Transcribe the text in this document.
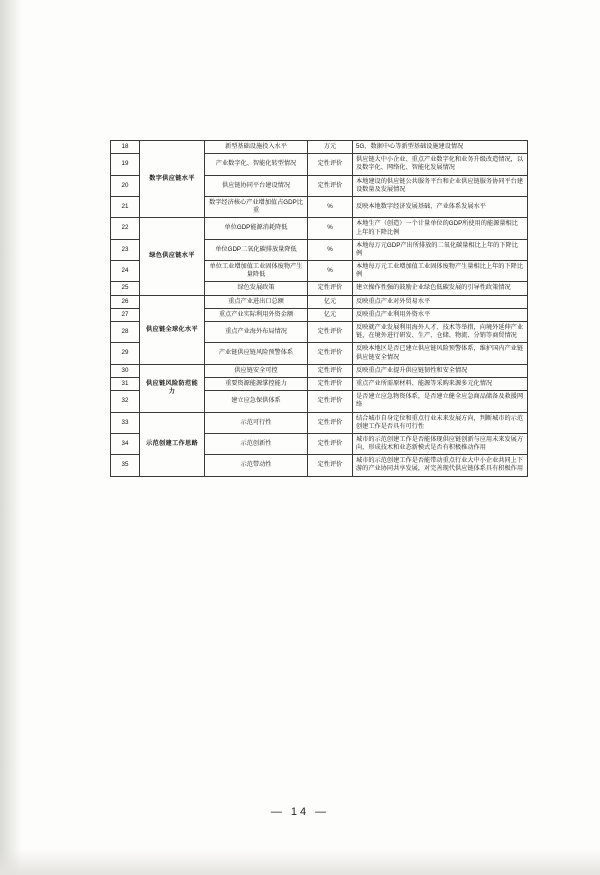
18	数字供应链水平	新型基础设施投入水平	万元	5G、数据中心等新型基础设施建设情况
19		产业数字化、智能化转型情况	定性评价	供应链大中小企业、重点产业数字化和业务升级改造情况，以及数字化、网络化、智能化发展情况
20		供应链协同平台建设情况	定性评价	本地建设的供应链公共服务平台和企业供应链服务协同平台建设数量及发展情况
21		数字经济核心产业增加值占GDP比重	%	反映本地数字经济发展基础、产业体系发展水平
22	绿色供应链水平	单位GDP能源消耗降低	%	本地生产（创造）一个计量单位的GDP所使用的能源量相比上年的下降比例
23		单位GDP二氧化碳排放量降低	%	本地每万元GDP产出所排放的二氧化碳量相比上年的下降比例
24		单位工业增加值工业固体废物产生量降低	%	本地每万元工业增加值工业固体废物产生量相比上年的下降比例
25		绿色发展政策	定性评价	建立操作性强的鼓励企业绿色低碳发展的引导性政策情况
26	供应链全球化水平	重点产业进出口总额	亿元	反映重点产业对外贸易水平
27		重点产业实际利用外资金额	亿元	反映重点产业利用外资水平
28		重点产业海外布局情况	定性评价	反映就产业发展利用海外人才、技术等举措，向境外延伸产业链，在境外进行研发、生产、仓储、物流、分销等商贸情况
29		产业链供应链风险预警体系	定性评价	反映本地区是否已建立供应链风险预警体系，维护国内产业链供应链安全情况
30	供应链风险防范能力	供应链安全可控	定性评价	反映重点产业提升供应链韧性和安全情况
31		重要资源能源掌控能力	定性评价	重点产业所需原材料、能源等采购来源多元化情况
32		建立应急保供体系	定性评价	是否建立应急物资体系，是否建立健全应急商品储备及救援网络
33	示范创建工作思路	示范可行性	定性评价	结合城市自身定位和重点行业未来发展方向，判断城市的示范创建工作是否具有可行性
34		示范创新性	定性评价	城市的示范创建工作是否能体现供应链创新与应用未来发展方向，形成技术和业态新模式是否有积极推动作用
35		示范带动性	定性评价	城市的示范创建工作是否能带动重点行业大中小企业共同上下游的产业协同共享发展，对完善现代供应链体系具有积极作用
— 14 —
